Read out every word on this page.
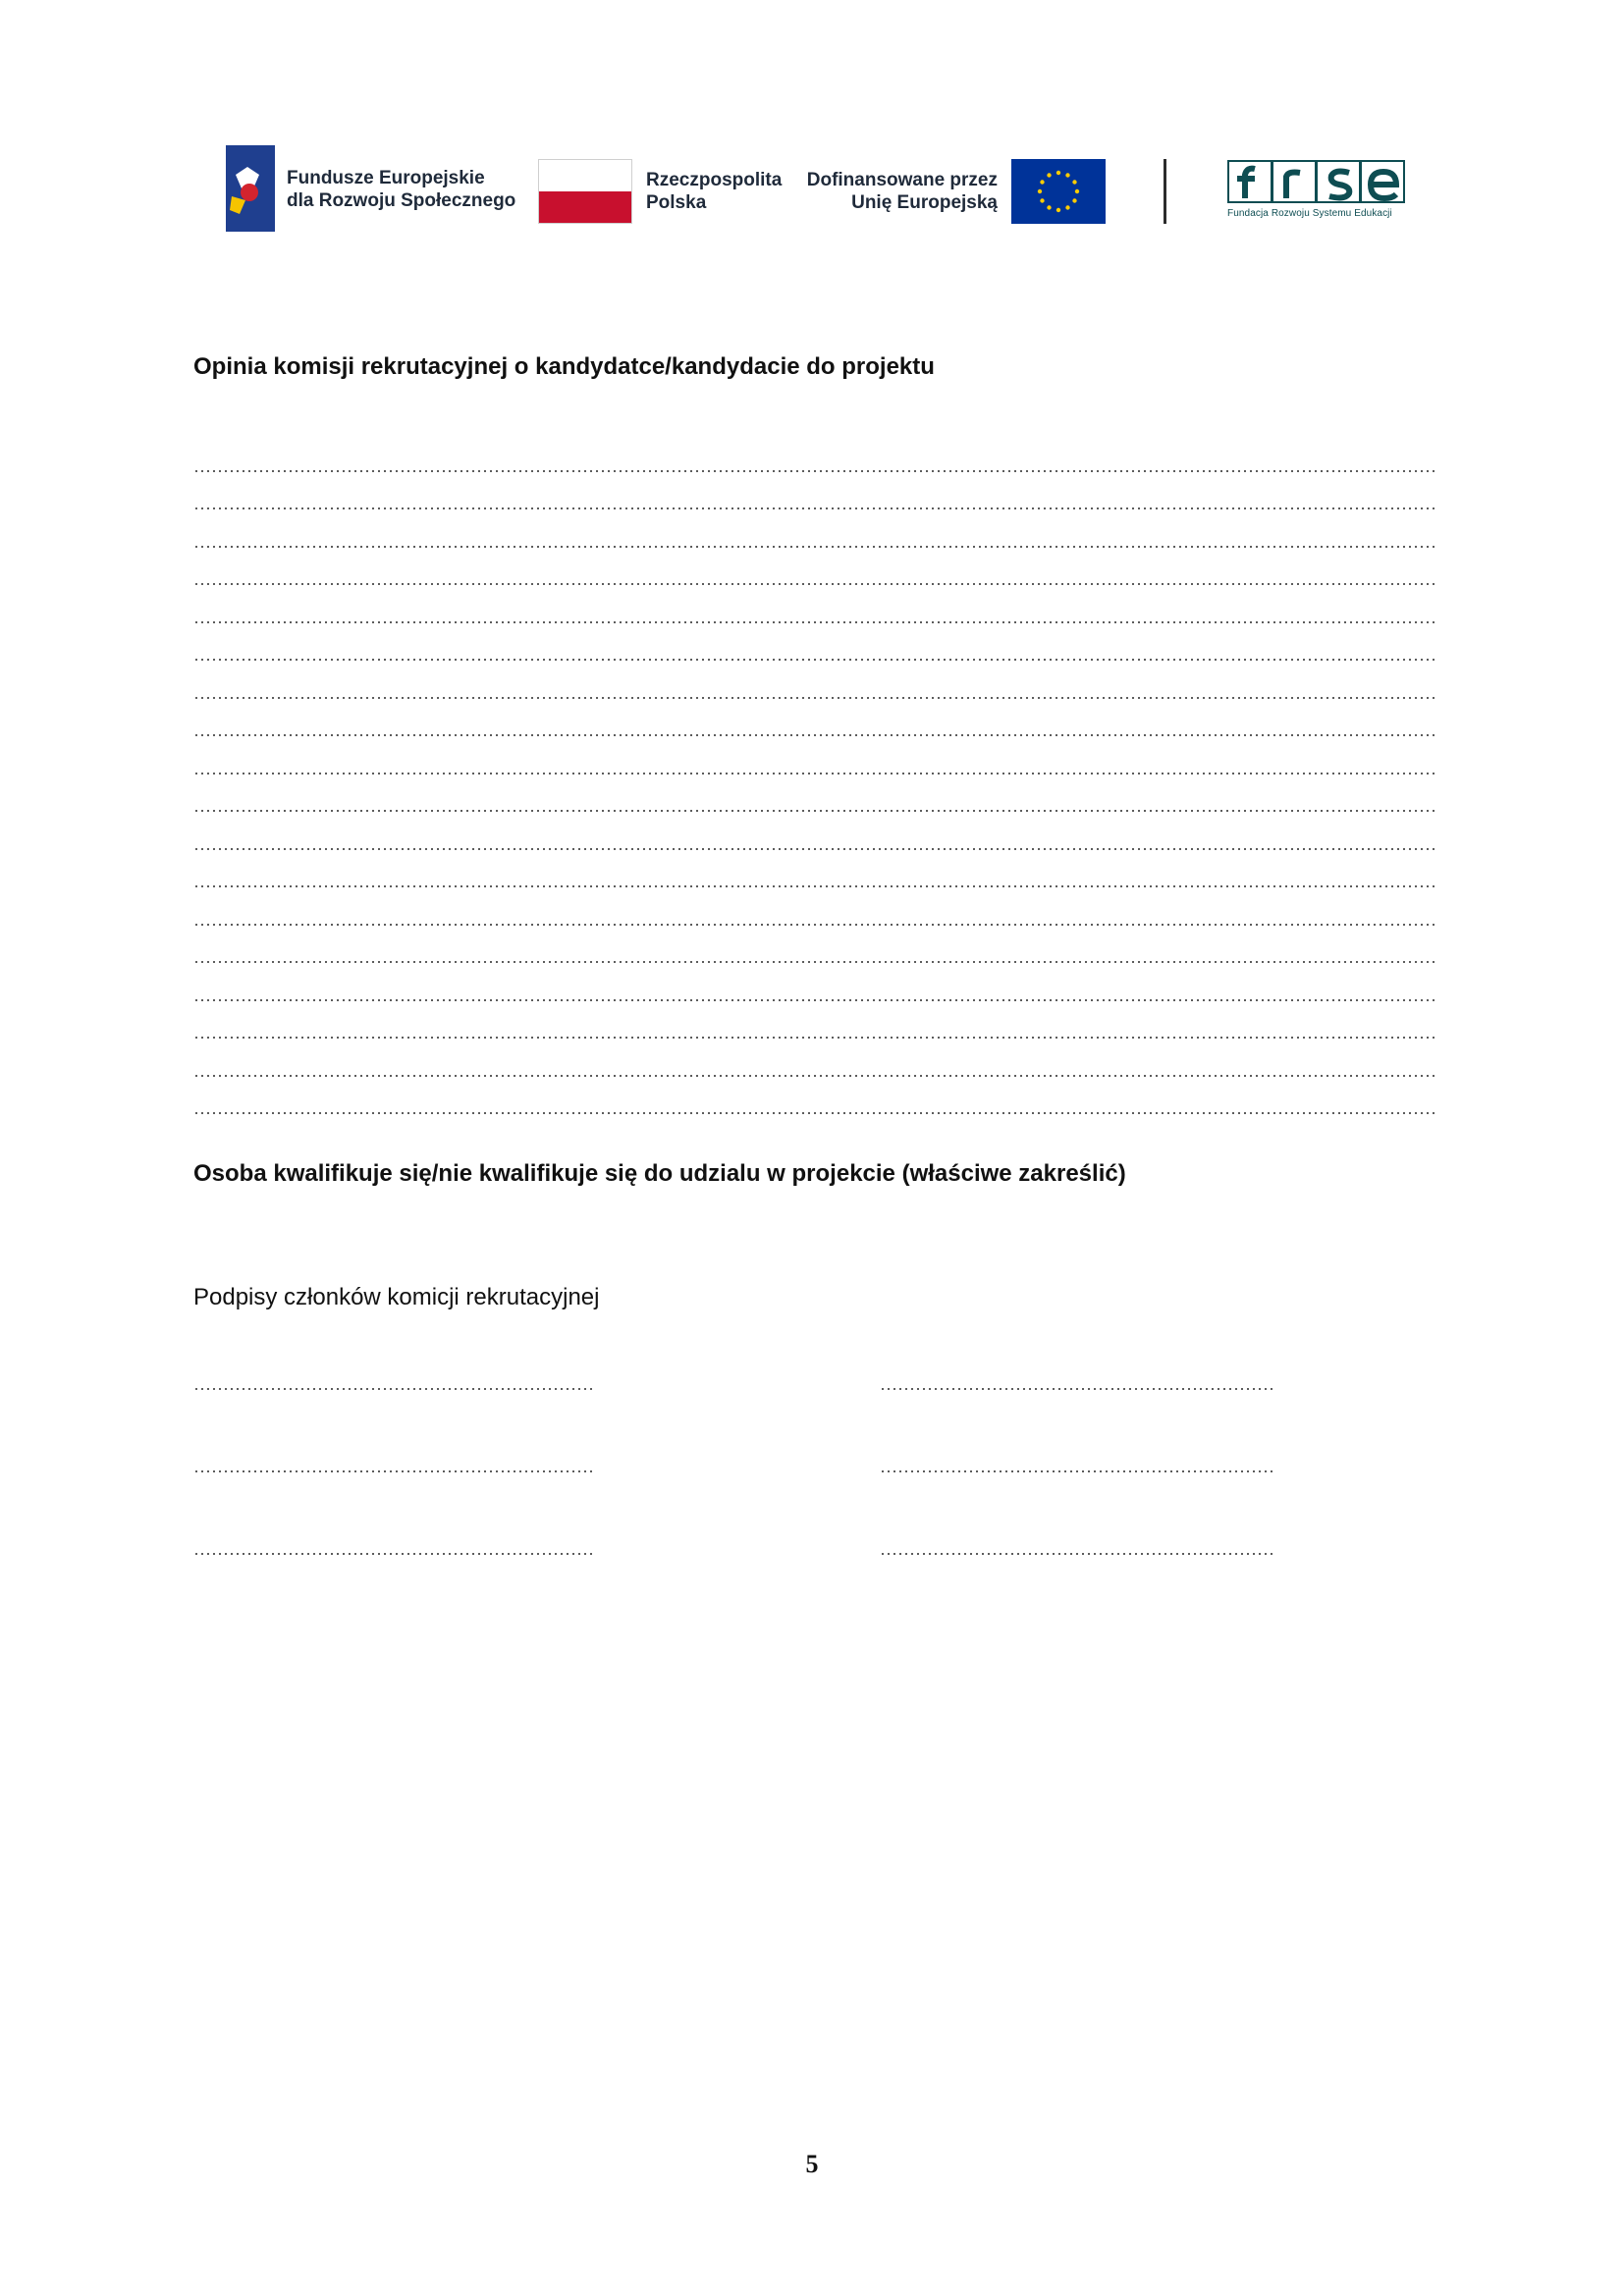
Fundusze Europejskie
dla Rozwoju Społecznego
Rzeczpospolita
Polska
Dofinansowane przez
Unię Europejską
Fundacja Rozwoju Systemu Edukacji
Opinia komisji rekrutacyjnej o kandydatce/kandydacie do projektu
Osoba kwalifikuje się/nie kwalifikuje się do udzialu w projekcie (właściwe zakreślić)
Podpisy członków komicji rekrutacyjnej
5
